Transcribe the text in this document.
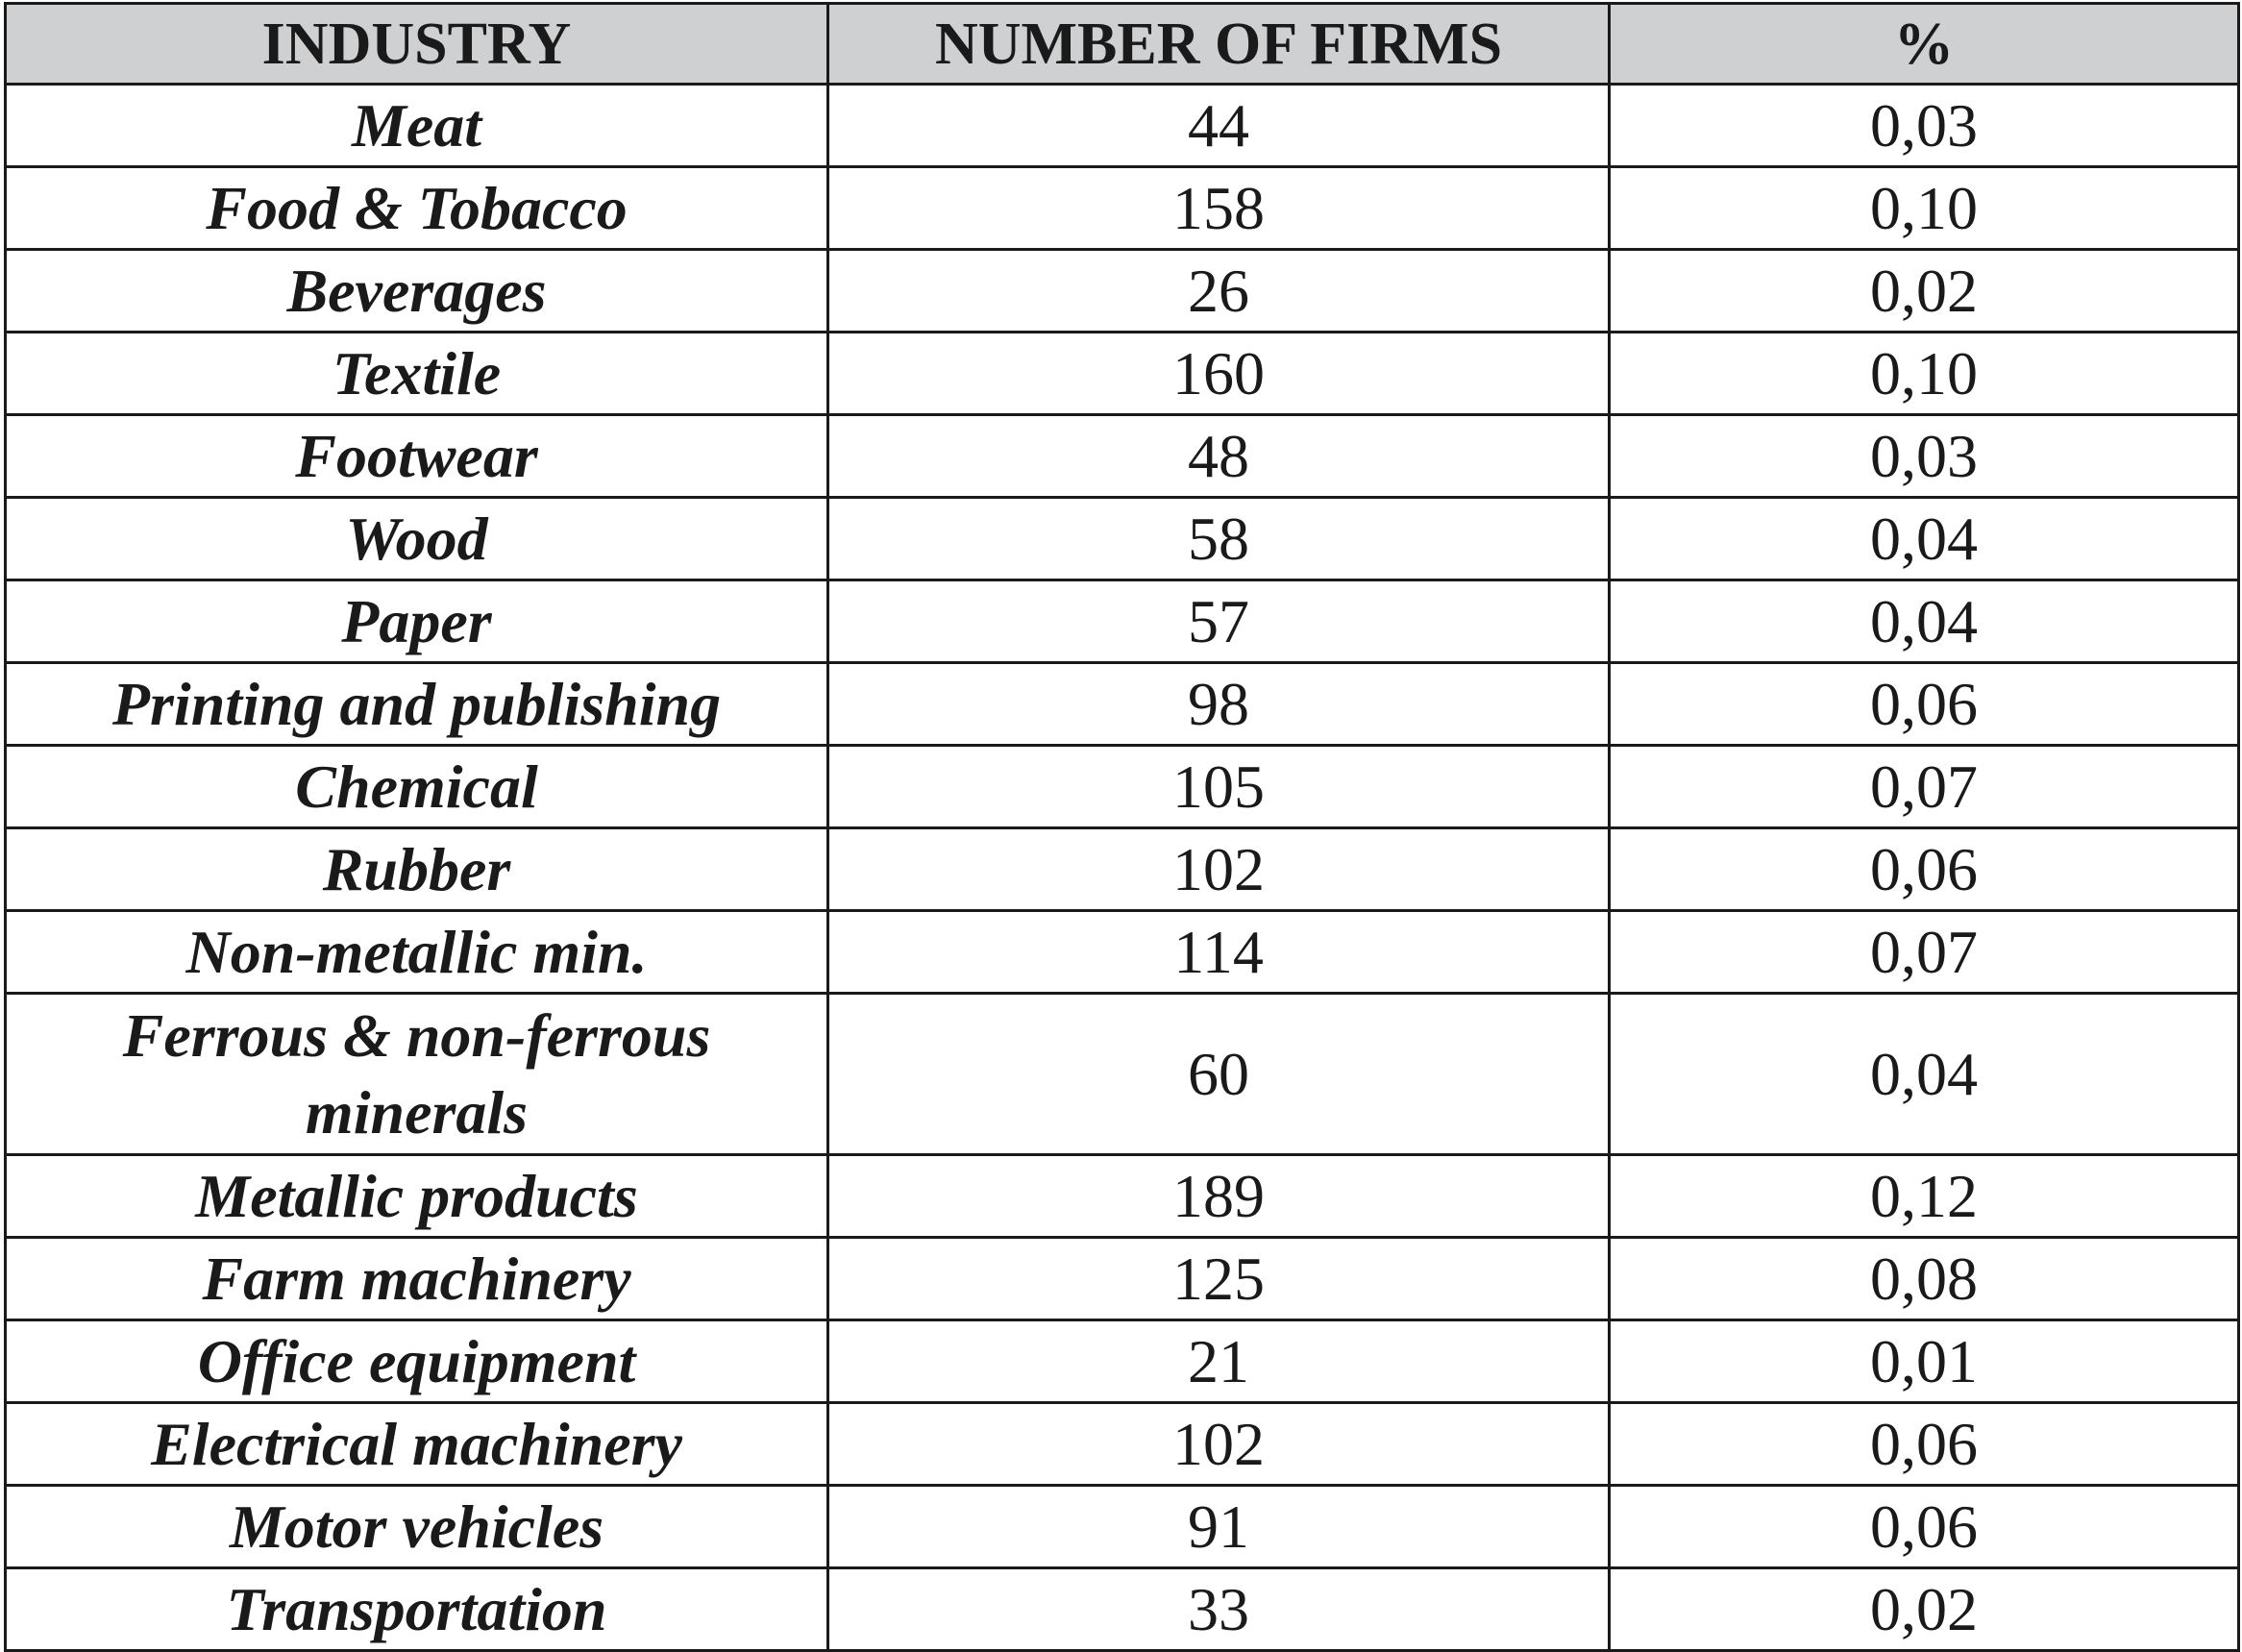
INDUSTRY	NUMBER OF FIRMS	%
Meat	44	0,03
Food & Tobacco	158	0,10
Beverages	26	0,02
Textile	160	0,10
Footwear	48	0,03
Wood	58	0,04
Paper	57	0,04
Printing and publishing	98	0,06
Chemical	105	0,07
Rubber	102	0,06
Non-metallic min.	114	0,07
Ferrous & non-ferrous minerals	60	0,04
Metallic products	189	0,12
Farm machinery	125	0,08
Office equipment	21	0,01
Electrical machinery	102	0,06
Motor vehicles	91	0,06
Transportation	33	0,02
